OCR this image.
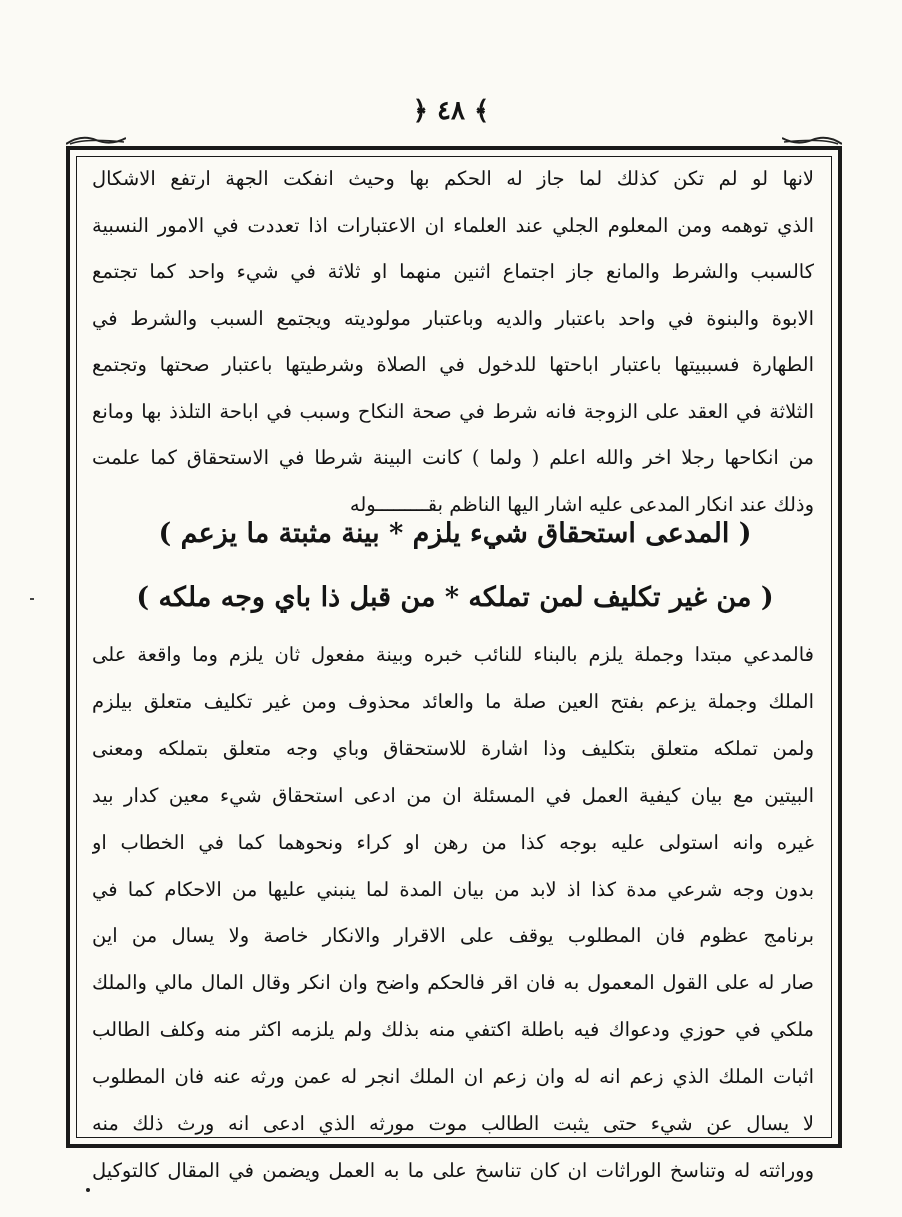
﴾ ٤٨ ﴿
لانها لو لم تكن كذلك لما جاز له الحكم بها وحيث انفكت الجهة ارتفع الاشكال
الذي توهمه ومن المعلوم الجلي عند العلماء ان الاعتبارات اذا تعددت في الامور النسبية
كالسبب والشرط والمانع جاز اجتماع اثنين منهما او ثلاثة في شيء واحد كما تجتمع
الابوة والبنوة في واحد باعتبار والديه وباعتبار مولوديته ويجتمع السبب والشرط في
الطهارة فسببيتها باعتبار اباحتها للدخول في الصلاة وشرطيتها باعتبار صحتها وتجتمع
الثلاثة في العقد على الزوجة فانه شرط في صحة النكاح وسبب في اباحة التلذذ بها ومانع
من انكاحها رجلا اخر والله اعلم ( ولما ) كانت البينة شرطا في الاستحقاق كما علمت
وذلك عند انكار المدعى عليه اشار اليها الناظم بقـــــــــوله
( المدعى استحقاق شيء يلزم * بينة مثبتة ما يزعم )
( من غير تكليف لمن تملكه * من قبل ذا باي وجه ملكه )
فالمدعي مبتدا وجملة يلزم بالبناء للنائب خبره وبينة مفعول ثان يلزم وما واقعة على
الملك وجملة يزعم بفتح العين صلة ما والعائد محذوف ومن غير تكليف متعلق بيلزم
ولمن تملكه متعلق بتكليف وذا اشارة للاستحقاق وباي وجه متعلق بتملكه ومعنى
البيتين مع بيان كيفية العمل في المسئلة ان من ادعى استحقاق شيء معين كدار بيد
غيره وانه استولى عليه بوجه كذا من رهن او كراء ونحوهما كما في الخطاب او
بدون وجه شرعي مدة كذا اذ لابد من بيان المدة لما ينبني عليها من الاحكام كما في
برنامج عظوم فان المطلوب يوقف على الاقرار والانكار خاصة ولا يسال من اين
صار له على القول المعمول به فان اقر فالحكم واضح وان انكر وقال المال مالي والملك
ملكي في حوزي ودعواك فيه باطلة اكتفي منه بذلك ولم يلزمه اكثر منه وكلف الطالب
اثبات الملك الذي زعم انه له وان زعم ان الملك انجر له عمن ورثه عنه فان المطلوب
لا يسال عن شيء حتى يثبت الطالب موت مورثه الذي ادعى انه ورث ذلك منه
ووراثته له وتناسخ الوراثات ان كان تناسخ على ما به العمل ويضمن في المقال كالتوكيل
